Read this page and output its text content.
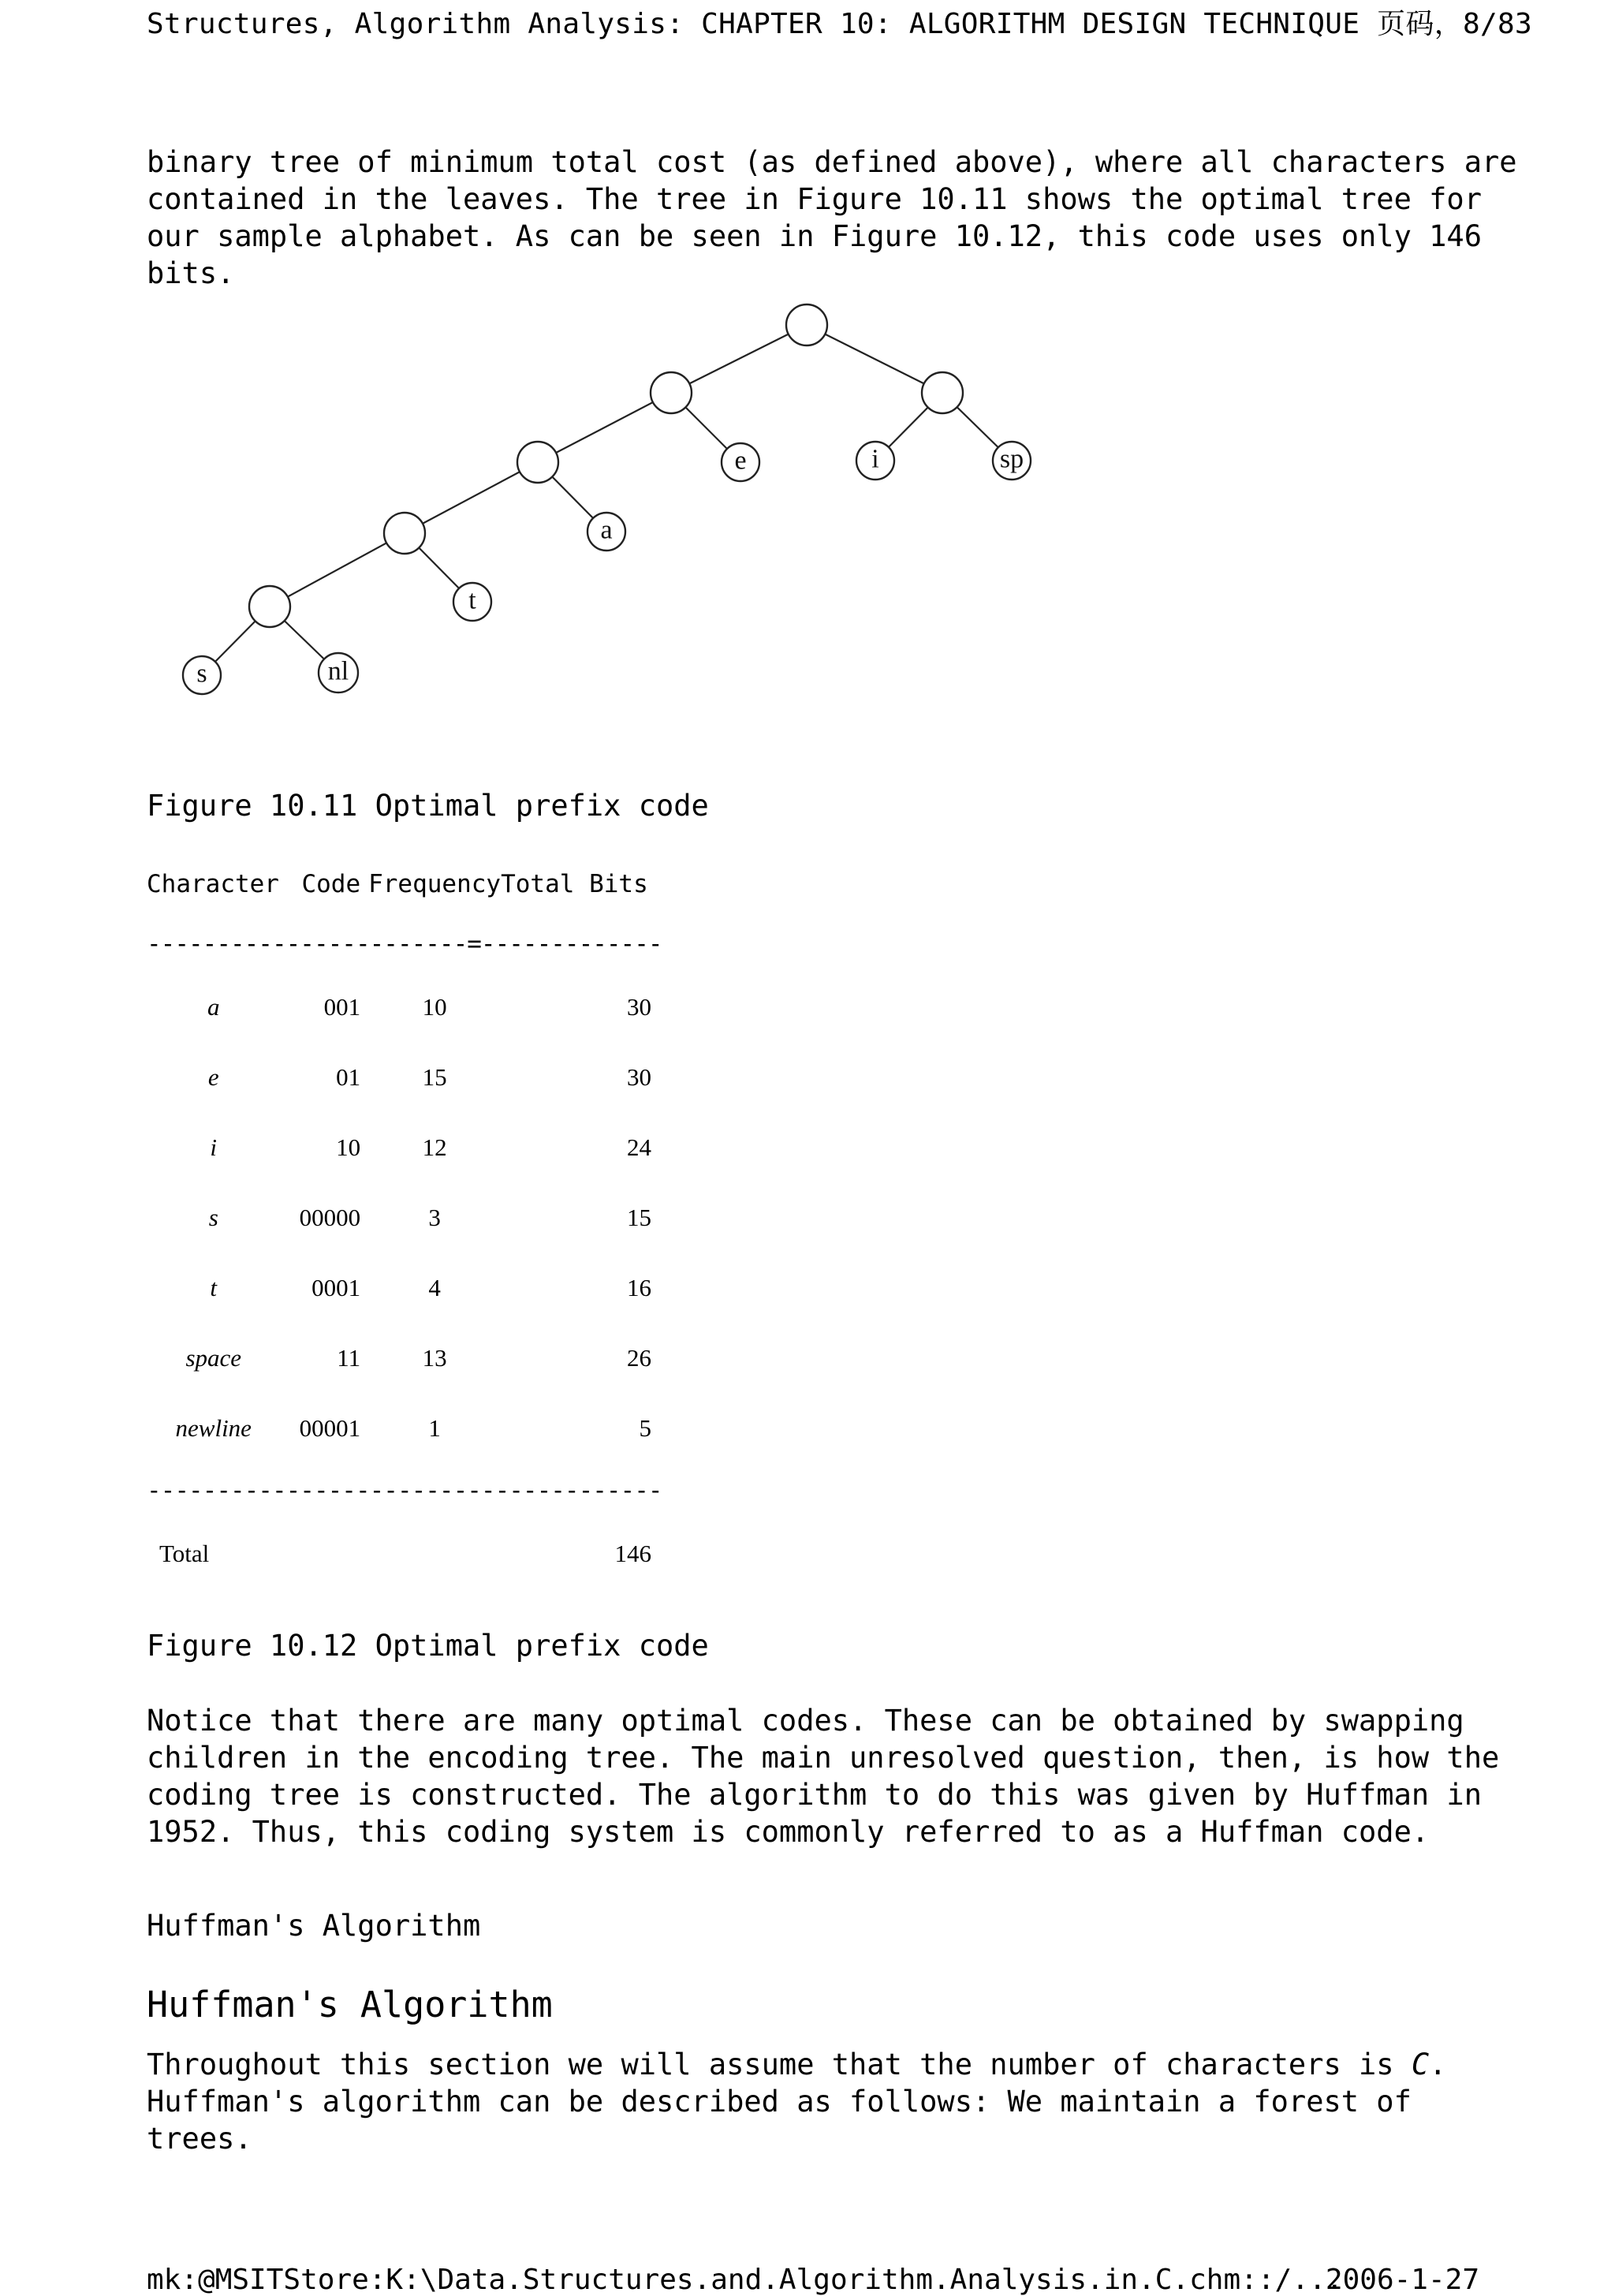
Structures, Algorithm Analysis: CHAPTER 10: ALGORITHM DESIGN TECHNIQUE 页码，8/83

binary tree of minimum total cost (as defined above), where all characters are contained in the leaves. The tree in Figure 10.11 shows the optimal tree for our sample alphabet. As can be seen in Figure 10.12, this code uses only 146 bits.

e	i	sp
a
t
s	nl
Figure 10.11 Optimal prefix code
Character	Code	Frequency	Total Bits
-----------------------=-------------			
a	001	10	30
e	01	15	30
i	10	12	24
s	00000	3	15
t	0001	4	16
space	11	13	26
newline	00001	1	5
-------------------------------------			
Total			146
Figure 10.12 Optimal prefix code

Notice that there are many optimal codes. These can be obtained by swapping children in the encoding tree. The main unresolved question, then, is how the coding tree is constructed. The algorithm to do this was given by Huffman in 1952. Thus, this coding system is commonly referred to as a Huffman code.

Huffman's Algorithm
Huffman's Algorithm

Throughout this section we will assume that the number of characters is C. Huffman's algorithm can be described as follows: We maintain a forest of trees.

mk:@MSITStore:K:\Data.Structures.and.Algorithm.Analysis.in.C.chm::/...
2006-1-27
